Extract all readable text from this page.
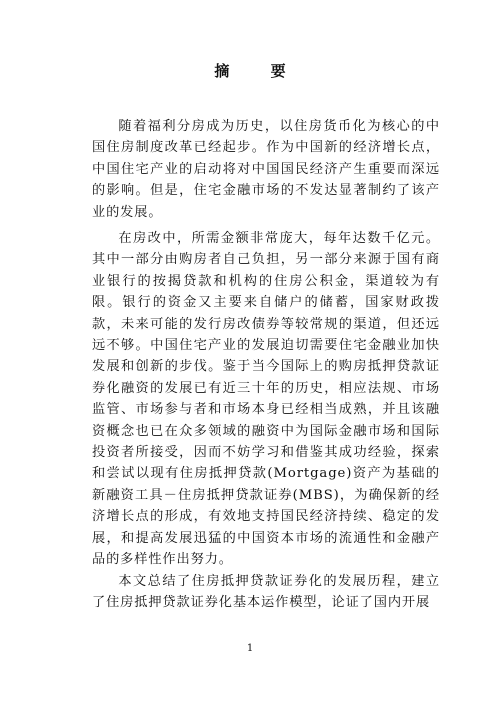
摘 要

随着福利分房成为历史，以住房货币化为核心的中国住房制度改革已经起步。作为中国新的经济增长点，中国住宅产业的启动将对中国国民经济产生重要而深远的影响。但是，住宅金融市场的不发达显著制约了该产业的发展。

在房改中，所需金额非常庞大，每年达数千亿元。其中一部分由购房者自己负担，另一部分来源于国有商业银行的按揭贷款和机构的住房公积金，渠道较为有限。银行的资金又主要来自储户的储蓄，国家财政拨款，未来可能的发行房改债券等较常规的渠道，但还远远不够。中国住宅产业的发展迫切需要住宅金融业加快发展和创新的步伐。鉴于当今国际上的购房抵押贷款证券化融资的发展已有近三十年的历史，相应法规、市场监管、市场参与者和市场本身已经相当成熟，并且该融资概念也已在众多领域的融资中为国际金融市场和国际投资者所接受，因而不妨学习和借鉴其成功经验，探索和尝试以现有住房抵押贷款(Mortgage)资产为基础的新融资工具－住房抵押贷款证券(MBS)，为确保新的经济增长点的形成，有效地支持国民经济持续、稳定的发展，和提高发展迅猛的中国资本市场的流通性和金融产品的多样性作出努力。

本文总结了住房抵押贷款证券化的发展历程，建立了住房抵押贷款证券化基本运作模型，论证了国内开展

1
